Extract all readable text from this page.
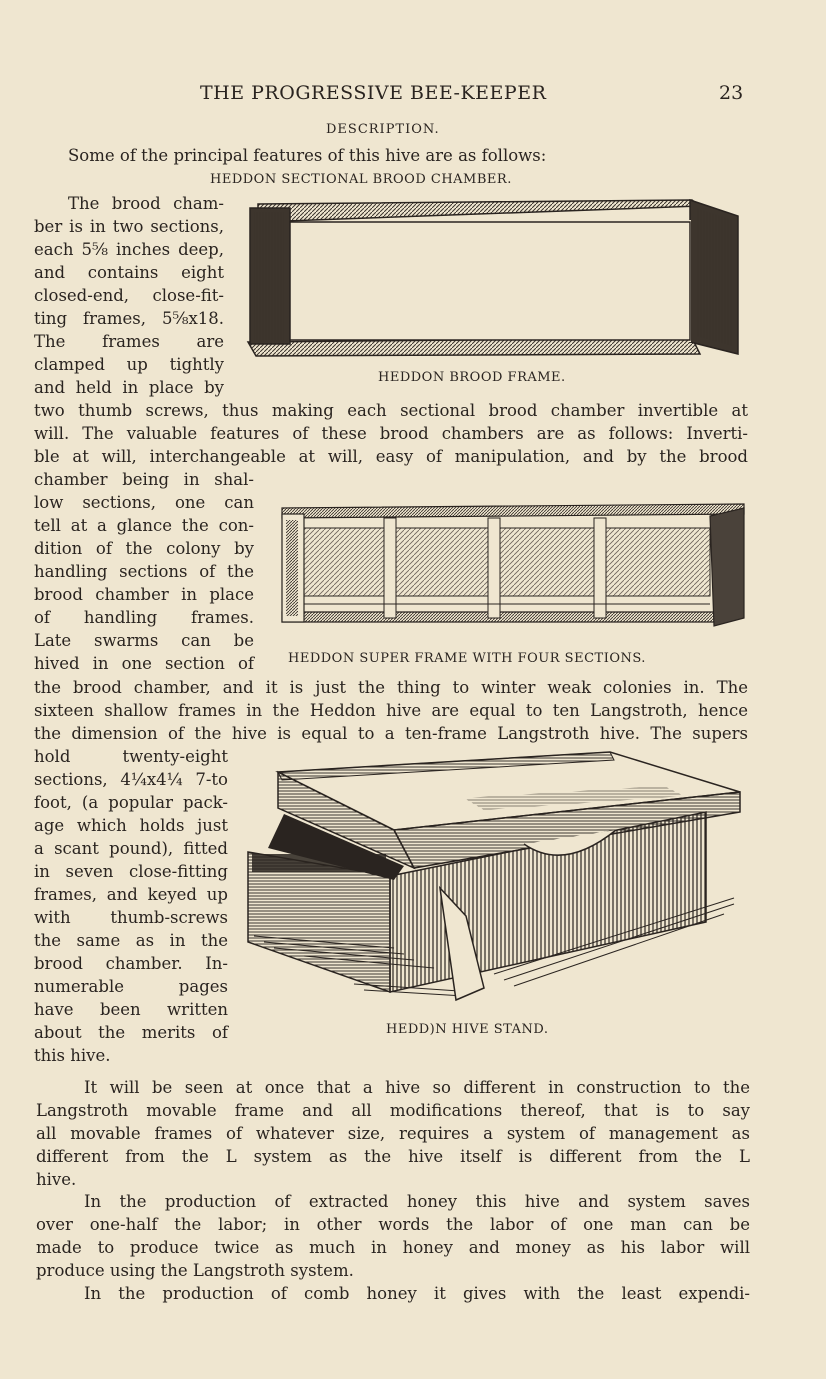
THE PROGRESSIVE BEE-KEEPER	23
DESCRIPTION.
Some of the principal features of this hive are as follows:
HEDDON SECTIONAL BROOD CHAMBER.
The brood cham-
ber is in two sections,
each 5⅝ inches deep,
and contains eight
closed-end, close-fit-
ting frames, 5⅝x18.
The frames are
clamped up tightly
and held in place by
HEDDON BROOD FRAME.
two thumb screws, thus making each sectional brood chamber invertible at
will. The valuable features of these brood chambers are as follows: Inverti-
ble at will, interchangeable at will, easy of manipulation, and by the brood
chamber being in shal-
low sections, one can
tell at a glance the con-
dition of the colony by
handling sections of the
brood chamber in place
of handling frames.
Late swarms can be
hived in one section of	HEDDON SUPER FRAME WITH FOUR SECTIONS.
the brood chamber, and it is just the thing to winter weak colonies in. The
sixteen shallow frames in the Heddon hive are equal to ten Langstroth, hence
the dimension of the hive is equal to a ten-frame Langstroth hive. The supers
hold twenty-eight
sections, 4¼x4¼ 7-to
foot, (a popular pack-
age which holds just
a scant pound), fitted
in seven close-fitting
frames, and keyed up
with thumb-screws
the same as in the
brood chamber. In-
numerable pages
have been written
about the merits of
this hive.
HEDD)N HIVE STAND.
It will be seen at once that a hive so different in construction to the
Langstroth movable frame and all modifications thereof, that is to say
all movable frames of whatever size, requires a system of management as
different from the L system as the hive itself is different from the L
hive.
In the production of extracted honey this hive and system saves
over one-half the labor; in other words the labor of one man can be
made to produce twice as much in honey and money as his labor will
produce using the Langstroth system.
In the production of comb honey it gives with the least expendi-
